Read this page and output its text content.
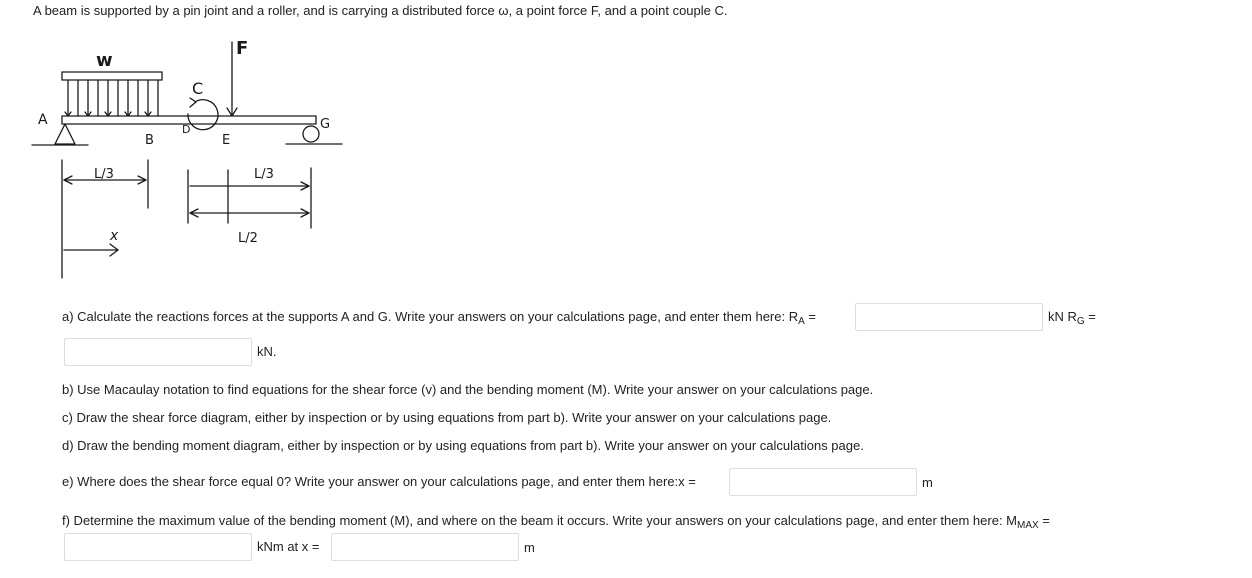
A beam is supported by a pin joint and a roller, and is carrying a distributed force ω, a point force F, and a point couple C.
w
F
C
A	G
B
D
E
L/3	L/3
L/2
x
a) Calculate the reactions forces at the supports A and G. Write your answers on your calculations page, and enter them here: $R_A$ =	kN $R_G$ =
kN.
b) Use Macaulay notation to find equations for the shear force (v) and the bending moment (M). Write your answer on your calculations page.
c) Draw the shear force diagram, either by inspection or by using equations from part b). Write your answer on your calculations page.
d) Draw the bending moment diagram, either by inspection or by using equations from part b). Write your answer on your calculations page.
e) Where does the shear force equal 0? Write your answer on your calculations page, and enter them here:x =	m
f) Determine the maximum value of the bending moment (M), and where on the beam it occurs. Write your answers on your calculations page, and enter them here: $M_{MAX}$ =
kNm at x =	m
